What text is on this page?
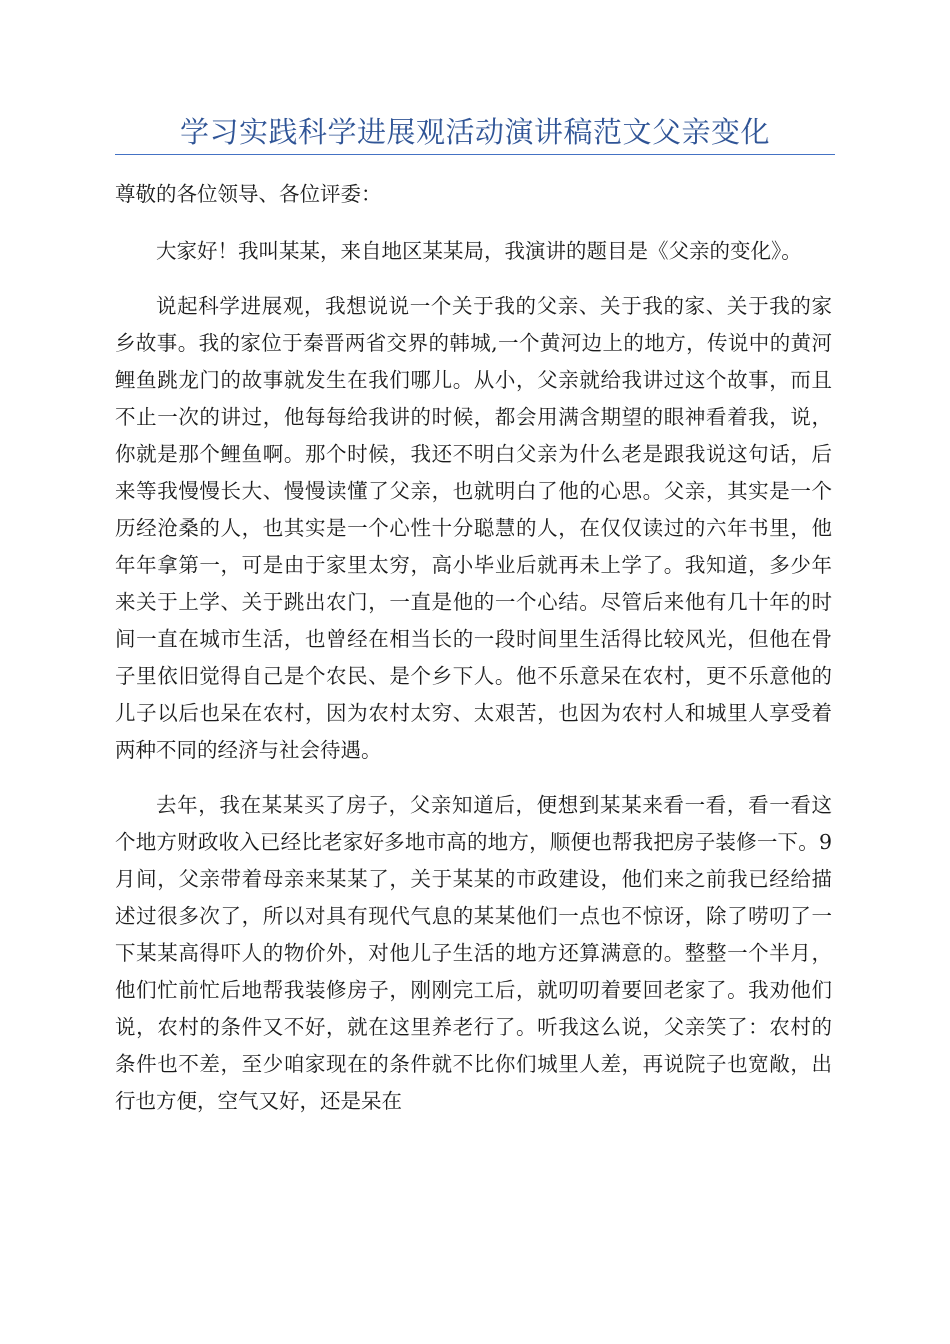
学习实践科学进展观活动演讲稿范文父亲变化

尊敬的各位领导、各位评委：

大家好！我叫某某，来自地区某某局，我演讲的题目是《父亲的变化》。

说起科学进展观，我想说说一个关于我的父亲、关于我的家、关于我的家乡故事。我的家位于秦晋两省交界的韩城,一个黄河边上的地方，传说中的黄河鲤鱼跳龙门的故事就发生在我们哪儿。从小，父亲就给我讲过这个故事，而且不止一次的讲过，他每每给我讲的时候，都会用满含期望的眼神看着我，说，你就是那个鲤鱼啊。那个时候，我还不明白父亲为什么老是跟我说这句话，后来等我慢慢长大、慢慢读懂了父亲，也就明白了他的心思。父亲，其实是一个历经沧桑的人，也其实是一个心性十分聪慧的人，在仅仅读过的六年书里，他年年拿第一，可是由于家里太穷，高小毕业后就再未上学了。我知道，多少年来关于上学、关于跳出农门，一直是他的一个心结。尽管后来他有几十年的时间一直在城市生活，也曾经在相当长的一段时间里生活得比较风光，但他在骨子里依旧觉得自己是个农民、是个乡下人。他不乐意呆在农村，更不乐意他的儿子以后也呆在农村，因为农村太穷、太艰苦，也因为农村人和城里人享受着两种不同的经济与社会待遇。

去年，我在某某买了房子，父亲知道后，便想到某某来看一看，看一看这个地方财政收入已经比老家好多地市高的地方，顺便也帮我把房子装修一下。9月间，父亲带着母亲来某某了，关于某某的市政建设，他们来之前我已经给描述过很多次了，所以对具有现代气息的某某他们一点也不惊讶，除了唠叨了一下某某高得吓人的物价外，对他儿子生活的地方还算满意的。整整一个半月，他们忙前忙后地帮我装修房子，刚刚完工后，就叨叨着要回老家了。我劝他们说，农村的条件又不好，就在这里养老行了。听我这么说，父亲笑了：农村的条件也不差，至少咱家现在的条件就不比你们城里人差，再说院子也宽敞，出行也方便，空气又好，还是呆在
